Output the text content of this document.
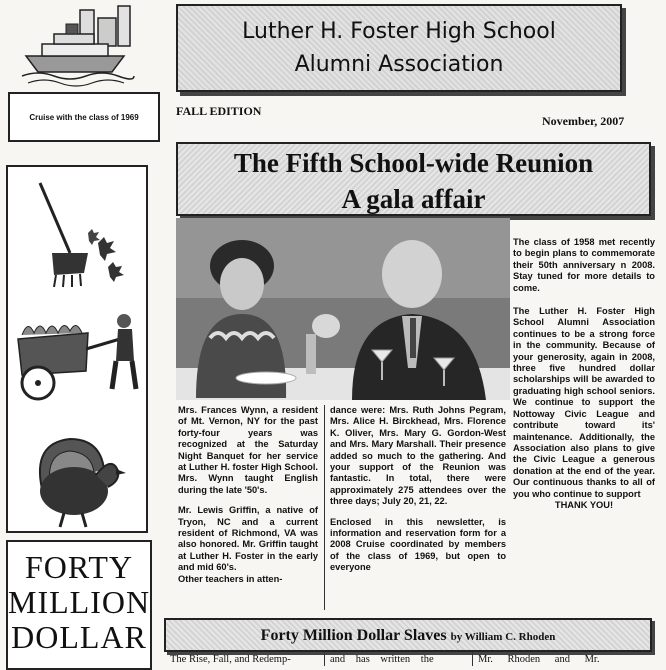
Cruise with the class of 1969
FORTY
MILLION
DOLLAR
Luther H. Foster High School
Alumni Association
FALL EDITION
November, 2007
The Fifth School-wide Reunion
A gala affair

The class of 1958 met recently to begin plans to commemorate their 50th anniversary n 2008. Stay tuned for more details to come.

The Luther H. Foster High School Alumni Association continues to be a strong force in the community. Because of your generosity, again in 2008, three five hundred dollar scholarships will be awarded to graduating high school seniors. We continue to support the Nottoway Civic League and contribute toward its' maintenance. Additionally, the Association also plans to give the Civic League a generous donation at the end of the year. Our continuous thanks to all of you who continue to support
THANK YOU!

Mrs. Frances Wynn, a resident of Mt. Vernon, NY for the past forty-four years was recognized at the Saturday Night Banquet for her service at Luther H. foster High School. Mrs. Wynn taught English during the late '50's.

Mr. Lewis Griffin, a native of Tryon, NC and a current resident of Richmond, VA was also honored. Mr. Griffin taught at Luther H. Foster in the early and mid 60's.

Other teachers in atten-

dance were: Mrs. Ruth Johns Pegram, Mrs. Alice H. Birckhead, Mrs. Florence K. Oliver, Mrs. Mary G. Gordon-West and Mrs. Mary Marshall. Their presence added so much to the gathering. And your support of the Reunion was fantastic. In total, there were approximately 275 attendees over the three days; July 20, 21, 22.

Enclosed in this newsletter, is information and reservation form for a 2008 Cruise coordinated by members of the class of 1969, but open to everyone

Forty Million Dollar Slaves by William C. Rhoden
The Rise, Fall, and Redemp-	and has written the	Mr. Rhoden and Mr.
